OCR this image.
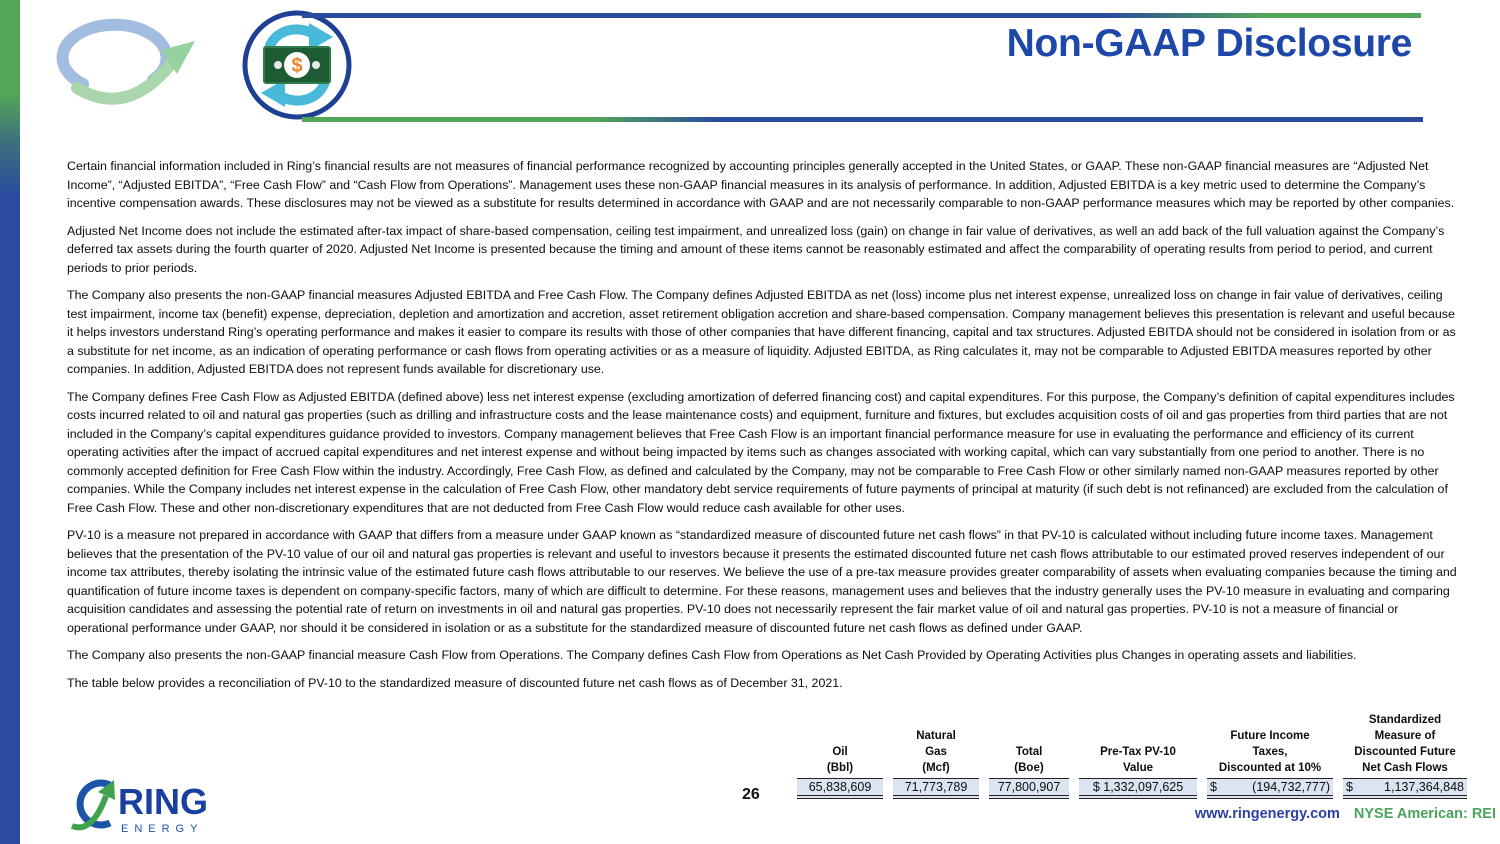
$
Non-GAAP Disclosure

Certain financial information included in Ring’s financial results are not measures of financial performance recognized by accounting principles generally accepted in the United States, or GAAP. These non-GAAP financial measures are “Adjusted Net Income”, “Adjusted EBITDA”, “Free Cash Flow” and “Cash Flow from Operations”. Management uses these non-GAAP financial measures in its analysis of performance. In addition, Adjusted EBITDA is a key metric used to determine the Company’s incentive compensation awards. These disclosures may not be viewed as a substitute for results determined in accordance with GAAP and are not necessarily comparable to non-GAAP performance measures which may be reported by other companies.

Adjusted Net Income does not include the estimated after-tax impact of share-based compensation, ceiling test impairment, and unrealized loss (gain) on change in fair value of derivatives, as well an add back of the full valuation against the Company’s deferred tax assets during the fourth quarter of 2020. Adjusted Net Income is presented because the timing and amount of these items cannot be reasonably estimated and affect the comparability of operating results from period to period, and current periods to prior periods.

The Company also presents the non-GAAP financial measures Adjusted EBITDA and Free Cash Flow. The Company defines Adjusted EBITDA as net (loss) income plus net interest expense, unrealized loss on change in fair value of derivatives, ceiling test impairment, income tax (benefit) expense, depreciation, depletion and amortization and accretion, asset retirement obligation accretion and share-based compensation. Company management believes this presentation is relevant and useful because it helps investors understand Ring’s operating performance and makes it easier to compare its results with those of other companies that have different financing, capital and tax structures. Adjusted EBITDA should not be considered in isolation from or as a substitute for net income, as an indication of operating performance or cash flows from operating activities or as a measure of liquidity. Adjusted EBITDA, as Ring calculates it, may not be comparable to Adjusted EBITDA measures reported by other companies. In addition, Adjusted EBITDA does not represent funds available for discretionary use.

The Company defines Free Cash Flow as Adjusted EBITDA (defined above) less net interest expense (excluding amortization of deferred financing cost) and capital expenditures. For this purpose, the Company’s definition of capital expenditures includes costs incurred related to oil and natural gas properties (such as drilling and infrastructure costs and the lease maintenance costs) and equipment, furniture and fixtures, but excludes acquisition costs of oil and gas properties from third parties that are not included in the Company’s capital expenditures guidance provided to investors. Company management believes that Free Cash Flow is an important financial performance measure for use in evaluating the performance and efficiency of its current operating activities after the impact of accrued capital expenditures and net interest expense and without being impacted by items such as changes associated with working capital, which can vary substantially from one period to another. There is no commonly accepted definition for Free Cash Flow within the industry. Accordingly, Free Cash Flow, as defined and calculated by the Company, may not be comparable to Free Cash Flow or other similarly named non-GAAP measures reported by other companies. While the Company includes net interest expense in the calculation of Free Cash Flow, other mandatory debt service requirements of future payments of principal at maturity (if such debt is not refinanced) are excluded from the calculation of Free Cash Flow. These and other non-discretionary expenditures that are not deducted from Free Cash Flow would reduce cash available for other uses.

PV-10 is a measure not prepared in accordance with GAAP that differs from a measure under GAAP known as “standardized measure of discounted future net cash flows” in that PV-10 is calculated without including future income taxes. Management believes that the presentation of the PV-10 value of our oil and natural gas properties is relevant and useful to investors because it presents the estimated discounted future net cash flows attributable to our estimated proved reserves independent of our income tax attributes, thereby isolating the intrinsic value of the estimated future cash flows attributable to our reserves. We believe the use of a pre-tax measure provides greater comparability of assets when evaluating companies because the timing and quantification of future income taxes is dependent on company-specific factors, many of which are difficult to determine. For these reasons, management uses and believes that the industry generally uses the PV-10 measure in evaluating and comparing acquisition candidates and assessing the potential rate of return on investments in oil and natural gas properties. PV-10 does not necessarily represent the fair market value of oil and natural gas properties. PV-10 is not a measure of financial or operational performance under GAAP, nor should it be considered in isolation or as a substitute for the standardized measure of discounted future net cash flows as defined under GAAP.

The Company also presents the non-GAAP financial measure Cash Flow from Operations. The Company defines Cash Flow from Operations as Net Cash Provided by Operating Activities plus Changes in operating assets and liabilities.

The table below provides a reconciliation of PV-10 to the standardized measure of discounted future net cash flows as of December 31, 2021.

26
Oil
(Bbl)
65,838,609
Natural
Gas
(Mcf)
71,773,789
Total
(Boe)
77,800,907
Pre-Tax PV-10
Value
$ 1,332,097,625
Future Income
Taxes,
Discounted at 10%
$	(194,732,777)
Standardized
Measure of
Discounted Future
Net Cash Flows
$ 1,137,364,848
RING
ENERGY
www.ringenergy.com NYSE American: REI
